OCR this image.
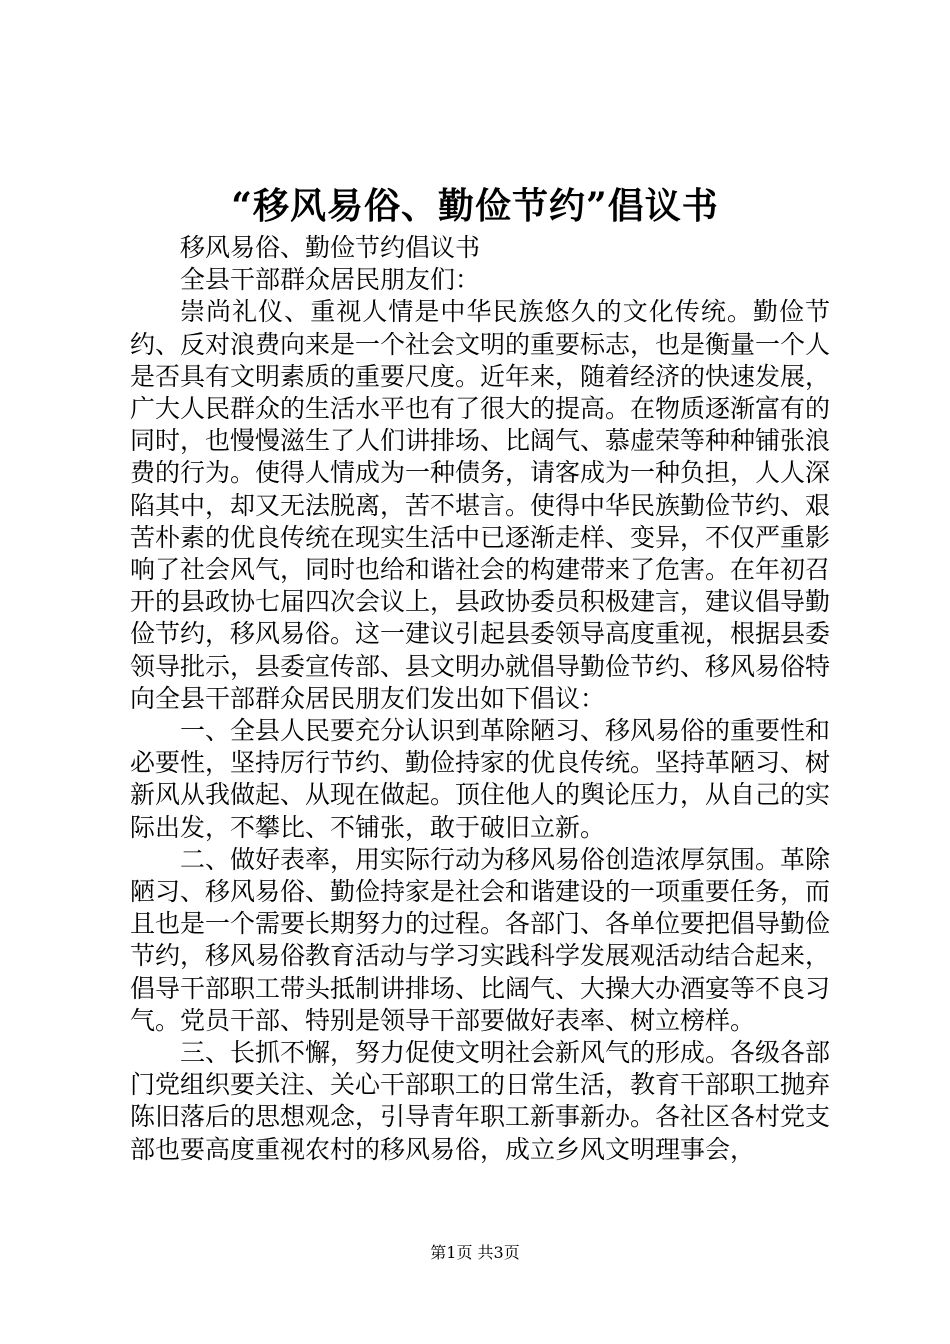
“移风易俗、勤俭节约”倡议书

移风易俗、勤俭节约倡议书

全县干部群众居民朋友们：

崇尚礼仪、重视人情是中华民族悠久的文化传统。勤俭节约、反对浪费向来是一个社会文明的重要标志，也是衡量一个人是否具有文明素质的重要尺度。近年来，随着经济的快速发展，广大人民群众的生活水平也有了很大的提高。在物质逐渐富有的同时，也慢慢滋生了人们讲排场、比阔气、慕虚荣等种种铺张浪费的行为。使得人情成为一种债务，请客成为一种负担，人人深陷其中，却又无法脱离，苦不堪言。使得中华民族勤俭节约、艰苦朴素的优良传统在现实生活中已逐渐走样、变异，不仅严重影响了社会风气，同时也给和谐社会的构建带来了危害。在年初召开的县政协七届四次会议上，县政协委员积极建言，建议倡导勤俭节约，移风易俗。这一建议引起县委领导高度重视，根据县委领导批示，县委宣传部、县文明办就倡导勤俭节约、移风易俗特向全县干部群众居民朋友们发出如下倡议：

一、全县人民要充分认识到革除陋习、移风易俗的重要性和必要性，坚持厉行节约、勤俭持家的优良传统。坚持革陋习、树新风从我做起、从现在做起。顶住他人的舆论压力，从自己的实际出发，不攀比、不铺张，敢于破旧立新。

二、做好表率，用实际行动为移风易俗创造浓厚氛围。革除陋习、移风易俗、勤俭持家是社会和谐建设的一项重要任务，而且也是一个需要长期努力的过程。各部门、各单位要把倡导勤俭节约，移风易俗教育活动与学习实践科学发展观活动结合起来，倡导干部职工带头抵制讲排场、比阔气、大操大办酒宴等不良习气。党员干部、特别是领导干部要做好表率、树立榜样。

三、长抓不懈，努力促使文明社会新风气的形成。各级各部门党组织要关注、关心干部职工的日常生活，教育干部职工抛弃陈旧落后的思想观念，引导青年职工新事新办。各社区各村党支部也要高度重视农村的移风易俗，成立乡风文明理事会，

第1页 共3页
